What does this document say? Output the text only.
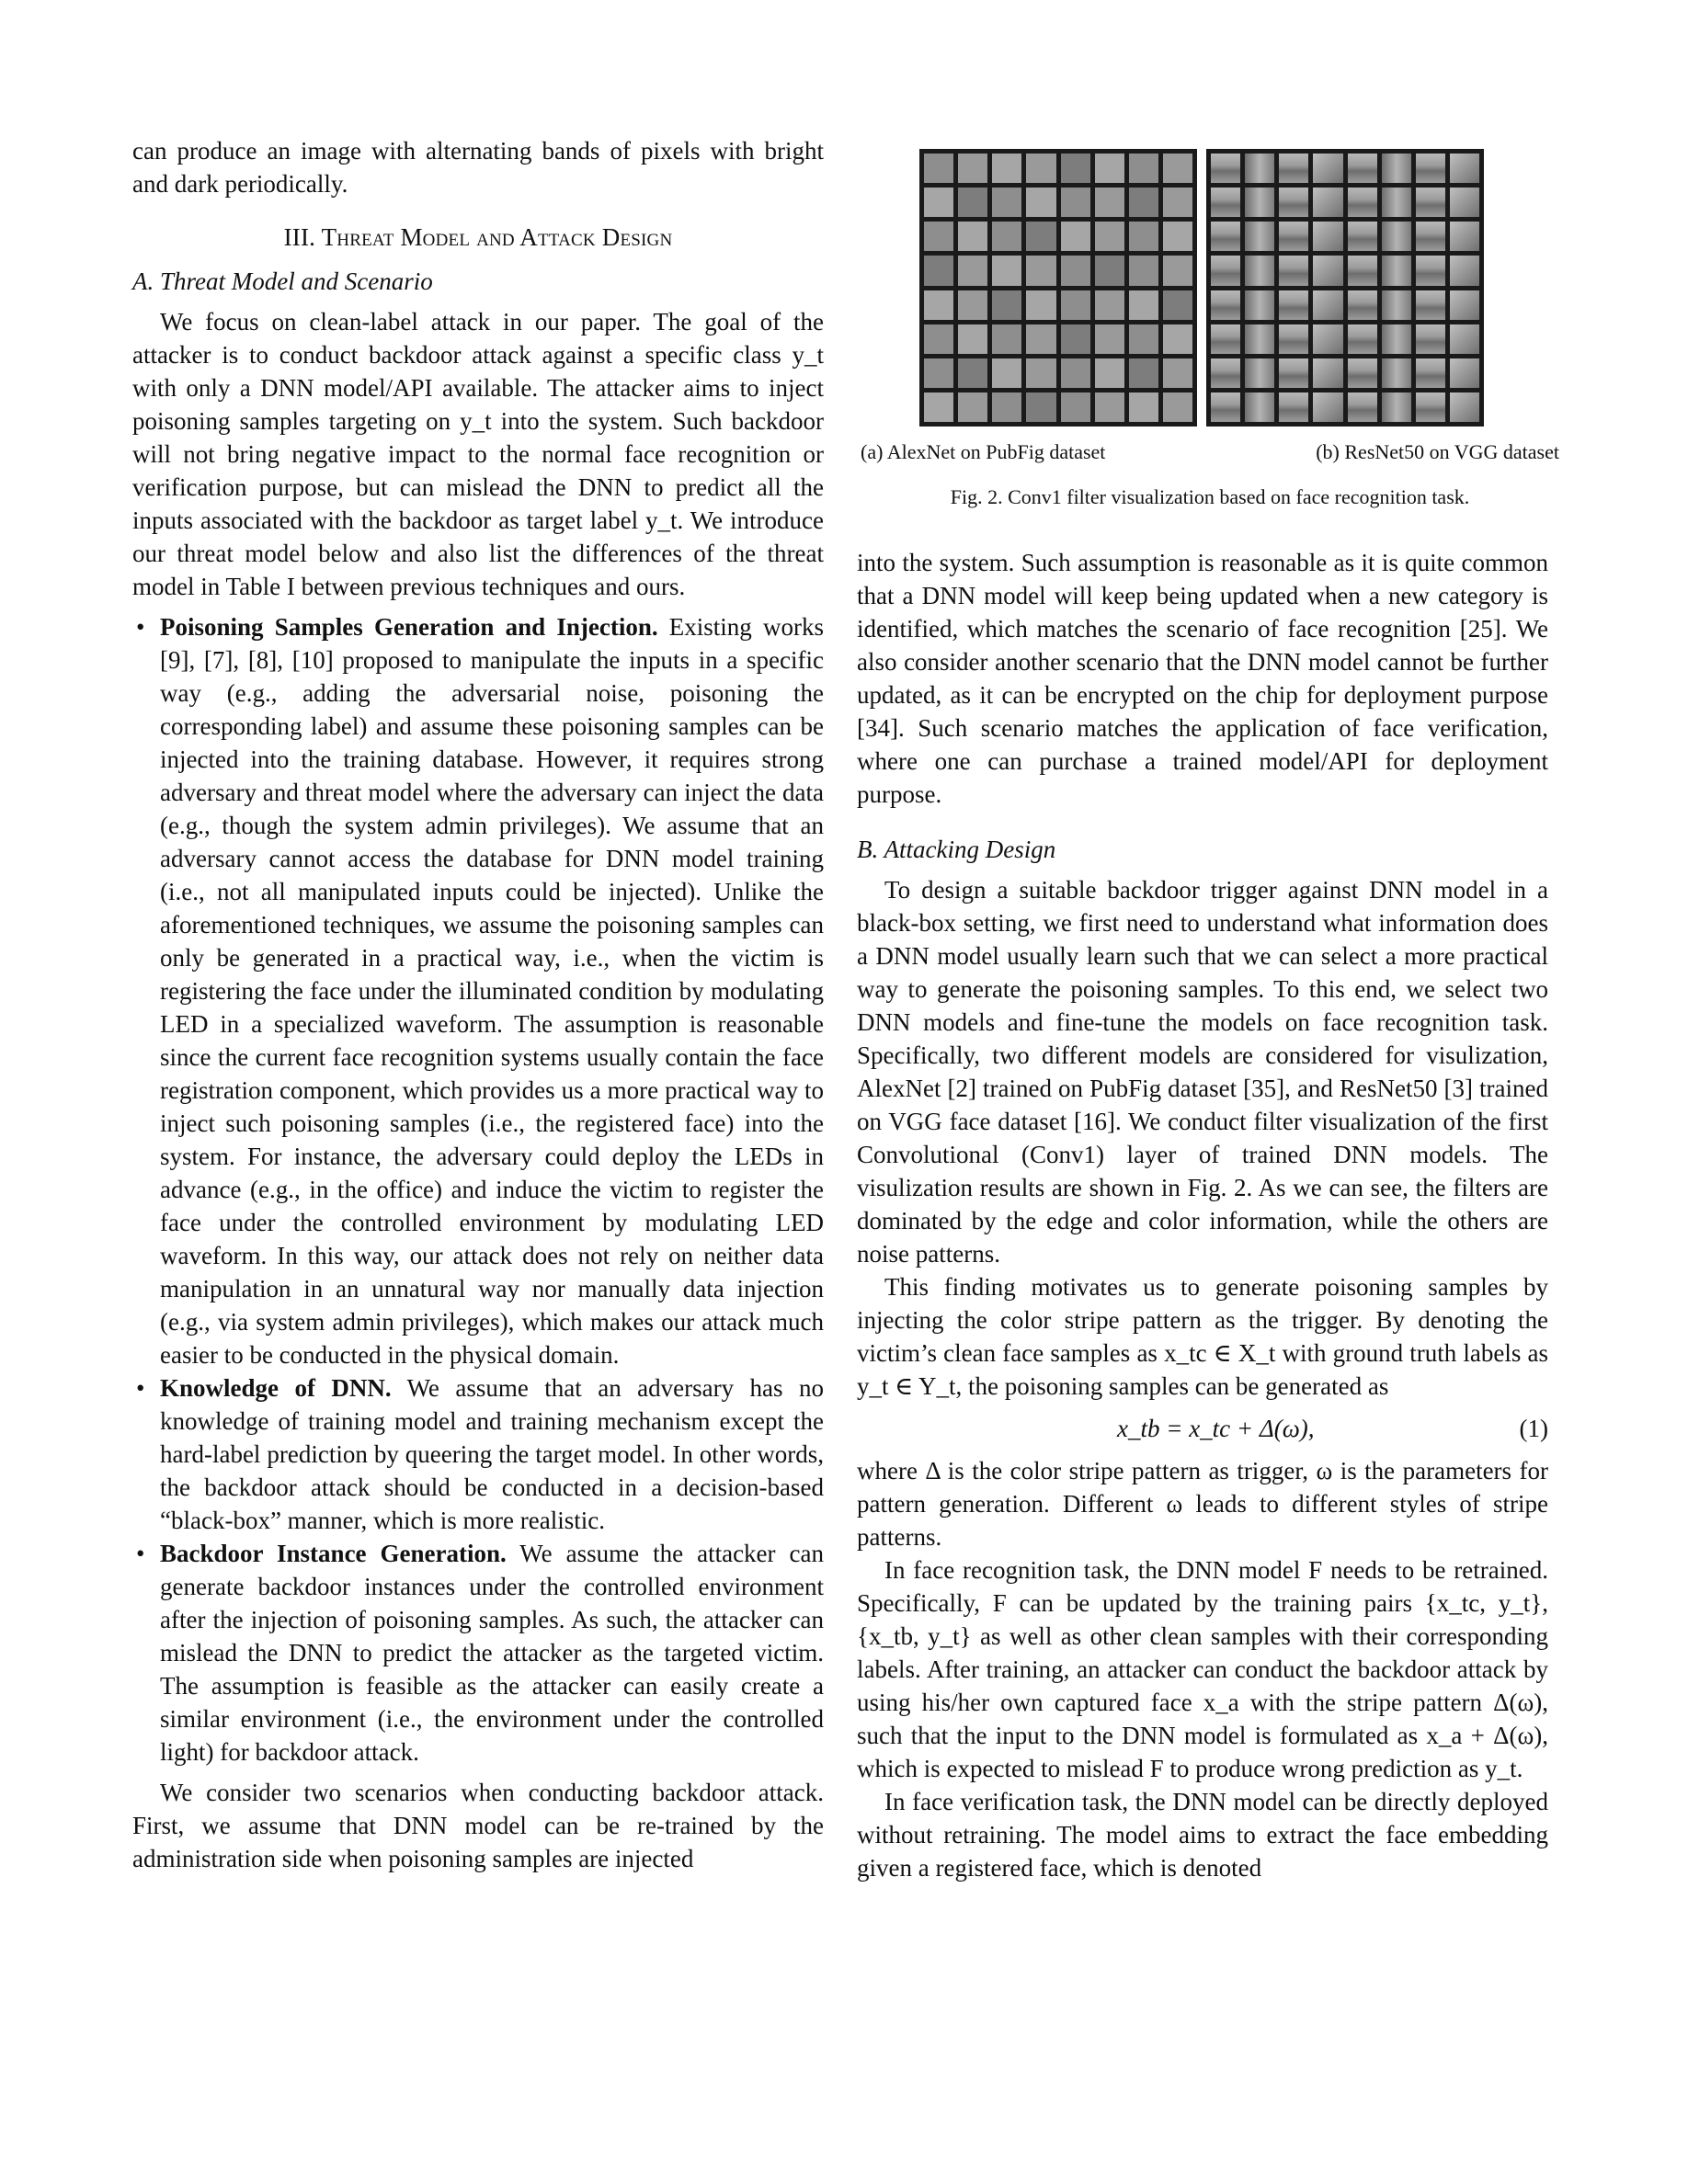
can produce an image with alternating bands of pixels with bright and dark periodically.

III. Threat Model and Attack Design
A. Threat Model and Scenario

We focus on clean-label attack in our paper. The goal of the attacker is to conduct backdoor attack against a specific class y_t with only a DNN model/API available. The attacker aims to inject poisoning samples targeting on y_t into the system. Such backdoor will not bring negative impact to the normal face recognition or verification purpose, but can mislead the DNN to predict all the inputs associated with the backdoor as target label y_t. We introduce our threat model below and also list the differences of the threat model in Table I between previous techniques and ours.

• Poisoning Samples Generation and Injection. Existing works [9], [7], [8], [10] proposed to manipulate the inputs in a specific way (e.g., adding the adversarial noise, poisoning the corresponding label) and assume these poisoning samples can be injected into the training database. However, it requires strong adversary and threat model where the adversary can inject the data (e.g., though the system admin privileges). We assume that an adversary cannot access the database for DNN model training (i.e., not all manipulated inputs could be injected). Unlike the aforementioned techniques, we assume the poisoning samples can only be generated in a practical way, i.e., when the victim is registering the face under the illuminated condition by modulating LED in a specialized waveform. The assumption is reasonable since the current face recognition systems usually contain the face registration component, which provides us a more practical way to inject such poisoning samples (i.e., the registered face) into the system. For instance, the adversary could deploy the LEDs in advance (e.g., in the office) and induce the victim to register the face under the controlled environment by modulating LED waveform. In this way, our attack does not rely on neither data manipulation in an unnatural way nor manually data injection (e.g., via system admin privileges), which makes our attack much easier to be conducted in the physical domain.
• Knowledge of DNN. We assume that an adversary has no knowledge of training model and training mechanism except the hard-label prediction by queering the target model. In other words, the backdoor attack should be conducted in a decision-based “black-box” manner, which is more realistic.
• Backdoor Instance Generation. We assume the attacker can generate backdoor instances under the controlled environment after the injection of poisoning samples. As such, the attacker can mislead the DNN to predict the attacker as the targeted victim. The assumption is feasible as the attacker can easily create a similar environment (i.e., the environment under the controlled light) for backdoor attack.

We consider two scenarios when conducting backdoor attack. First, we assume that DNN model can be re-trained by the administration side when poisoning samples are injected

(a) AlexNet on PubFig dataset	(b) ResNet50 on VGG dataset
Fig. 2. Conv1 filter visualization based on face recognition task.

into the system. Such assumption is reasonable as it is quite common that a DNN model will keep being updated when a new category is identified, which matches the scenario of face recognition [25]. We also consider another scenario that the DNN model cannot be further updated, as it can be encrypted on the chip for deployment purpose [34]. Such scenario matches the application of face verification, where one can purchase a trained model/API for deployment purpose.

B. Attacking Design

To design a suitable backdoor trigger against DNN model in a black-box setting, we first need to understand what information does a DNN model usually learn such that we can select a more practical way to generate the poisoning samples. To this end, we select two DNN models and fine-tune the models on face recognition task. Specifically, two different models are considered for visulization, AlexNet [2] trained on PubFig dataset [35], and ResNet50 [3] trained on VGG face dataset [16]. We conduct filter visualization of the first Convolutional (Conv1) layer of trained DNN models. The visulization results are shown in Fig. 2. As we can see, the filters are dominated by the edge and color information, while the others are noise patterns.

This finding motivates us to generate poisoning samples by injecting the color stripe pattern as the trigger. By denoting the victim’s clean face samples as x_tc ∈ X_t with ground truth labels as y_t ∈ Y_t, the poisoning samples can be generated as

x_tb = x_tc + Δ(ω),	(1)

where Δ is the color stripe pattern as trigger, ω is the parameters for pattern generation. Different ω leads to different styles of stripe patterns.

In face recognition task, the DNN model F needs to be retrained. Specifically, F can be updated by the training pairs {x_tc, y_t}, {x_tb, y_t} as well as other clean samples with their corresponding labels. After training, an attacker can conduct the backdoor attack by using his/her own captured face x_a with the stripe pattern Δ(ω), such that the input to the DNN model is formulated as x_a + Δ(ω), which is expected to mislead F to produce wrong prediction as y_t.

In face verification task, the DNN model can be directly deployed without retraining. The model aims to extract the face embedding given a registered face, which is denoted
